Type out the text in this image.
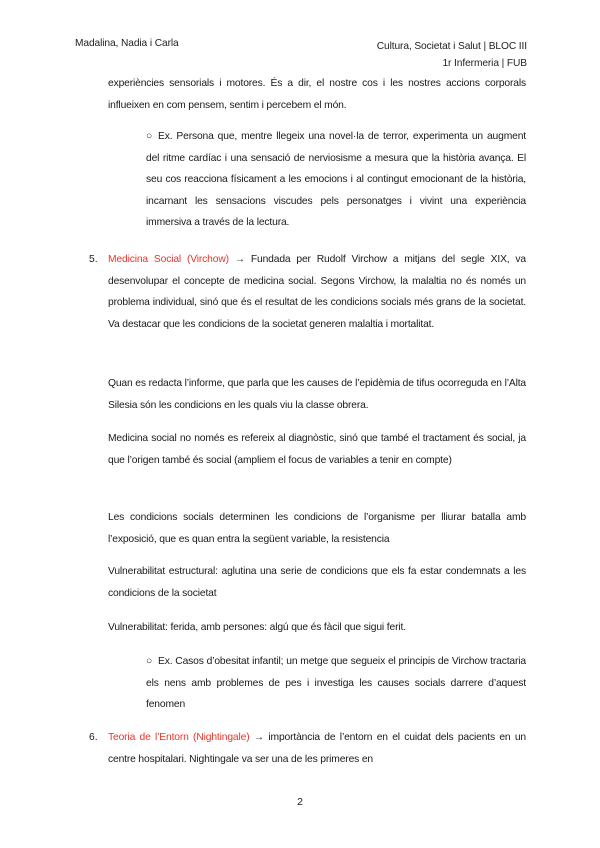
Madalina, Nadia i Carla	Cultura, Societat i Salut | BLOC III
1r Infermeria | FUB

experiències sensorials i motores. És a dir, el nostre cos i les nostres accions corporals influeixen en com pensem, sentim i percebem el món.

○ Ex. Persona que, mentre llegeix una novel·la de terror, experimenta un augment del ritme cardíac i una sensació de nerviosisme a mesura que la història avança. El seu cos reacciona físicament a les emocions i al contingut emocionant de la història, incarnant les sensacions viscudes pels personatges i vivint una experiència immersiva a través de la lectura.

5. Medicina Social (Virchow) → Fundada per Rudolf Virchow a mitjans del segle XIX, va desenvolupar el concepte de medicina social. Segons Virchow, la malaltia no és només un problema individual, sinó que és el resultat de les condicions socials més grans de la societat. Va destacar que les condicions de la societat generen malaltia i mortalitat.

Quan es redacta l’informe, que parla que les causes de l’epidèmia de tifus ocorreguda en l’Alta Silesia són les condicions en les quals viu la classe obrera.

Medicina social no només es refereix al diagnòstic, sinó que també el tractament és social, ja que l’origen també és social (ampliem el focus de variables a tenir en compte)

Les condicions socials determinen les condicions de l’organisme per lliurar batalla amb l’exposició, que es quan entra la següent variable, la resistencia

Vulnerabilitat estructural: aglutina una serie de condicions que els fa estar condemnats a les condicions de la societat

Vulnerabilitat: ferida, amb persones: algú que és fàcil que sigui ferit.

○ Ex. Casos d’obesitat infantil; un metge que segueix el principis de Virchow tractaria els nens amb problemes de pes i investiga les causes socials darrere d’aquest fenomen

6. Teoria de l’Entorn (Nightingale) → importància de l’entorn en el cuidat dels pacients en un centre hospitalari. Nightingale va ser una de les primeres en

2
